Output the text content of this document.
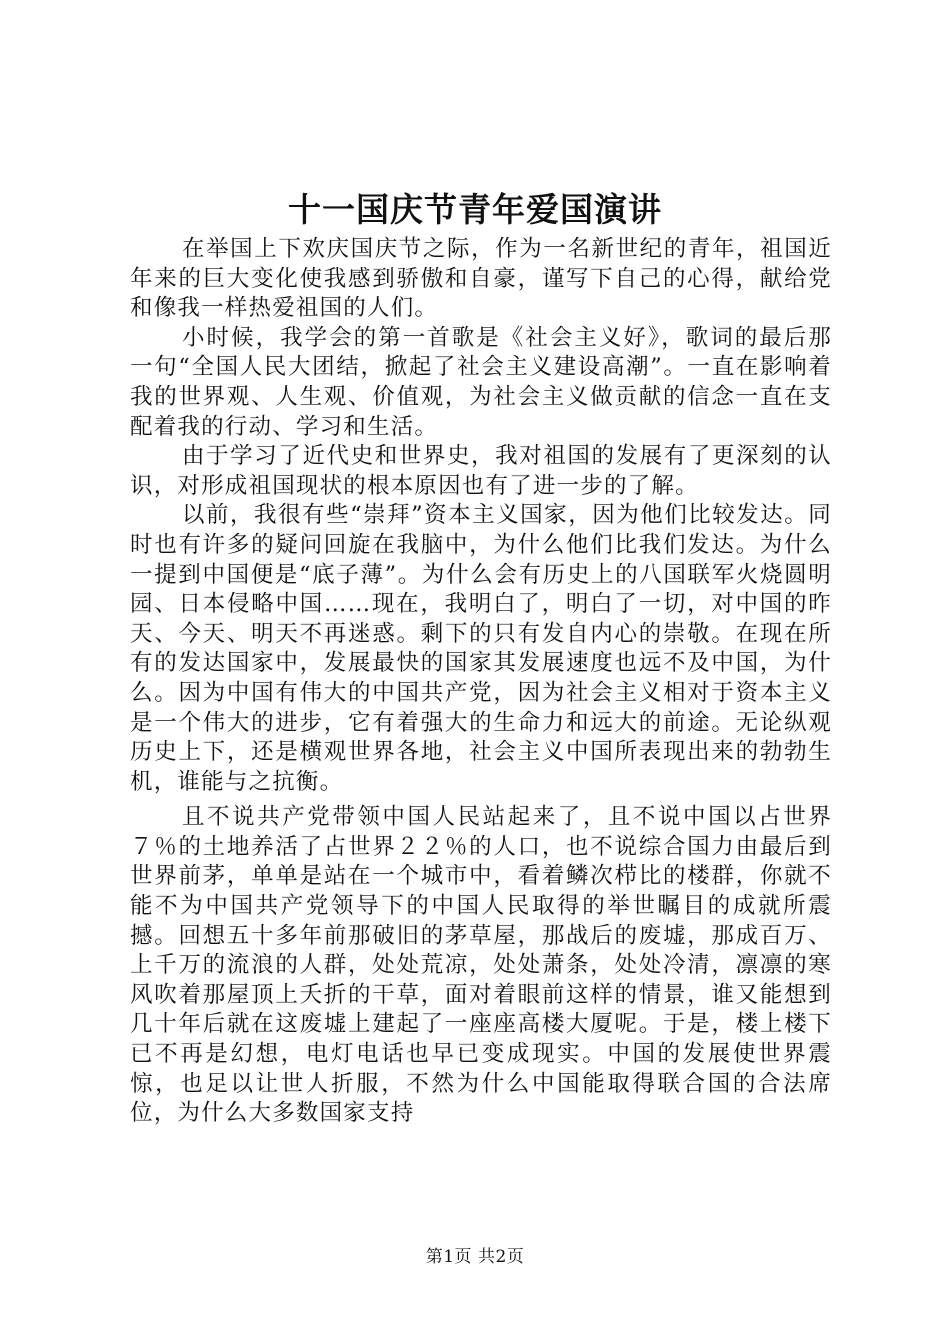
十一国庆节青年爱国演讲

在举国上下欢庆国庆节之际，作为一名新世纪的青年，祖国近年来的巨大变化使我感到骄傲和自豪，谨写下自己的心得，献给党和像我一样热爱祖国的人们。

小时候，我学会的第一首歌是《社会主义好》，歌词的最后那一句“全国人民大团结，掀起了社会主义建设高潮”。一直在影响着我的世界观、人生观、价值观，为社会主义做贡献的信念一直在支配着我的行动、学习和生活。

由于学习了近代史和世界史，我对祖国的发展有了更深刻的认识，对形成祖国现状的根本原因也有了进一步的了解。

以前，我很有些“崇拜”资本主义国家，因为他们比较发达。同时也有许多的疑问回旋在我脑中，为什么他们比我们发达。为什么一提到中国便是“底子薄”。为什么会有历史上的八国联军火烧圆明园、日本侵略中国……现在，我明白了，明白了一切，对中国的昨天、今天、明天不再迷惑。剩下的只有发自内心的崇敬。在现在所有的发达国家中，发展最快的国家其发展速度也远不及中国，为什么。因为中国有伟大的中国共产党，因为社会主义相对于资本主义是一个伟大的进步，它有着强大的生命力和远大的前途。无论纵观历史上下，还是横观世界各地，社会主义中国所表现出来的勃勃生机，谁能与之抗衡。

且不说共产党带领中国人民站起来了，且不说中国以占世界７％的土地养活了占世界２２％的人口，也不说综合国力由最后到世界前茅，单单是站在一个城市中，看着鳞次栉比的楼群，你就不能不为中国共产党领导下的中国人民取得的举世瞩目的成就所震撼。回想五十多年前那破旧的茅草屋，那战后的废墟，那成百万、上千万的流浪的人群，处处荒凉，处处萧条，处处冷清，凛凛的寒风吹着那屋顶上夭折的干草，面对着眼前这样的情景，谁又能想到几十年后就在这废墟上建起了一座座高楼大厦呢。于是，楼上楼下已不再是幻想，电灯电话也早已变成现实。中国的发展使世界震惊，也足以让世人折服，不然为什么中国能取得联合国的合法席位，为什么大多数国家支持

第1页 共2页
